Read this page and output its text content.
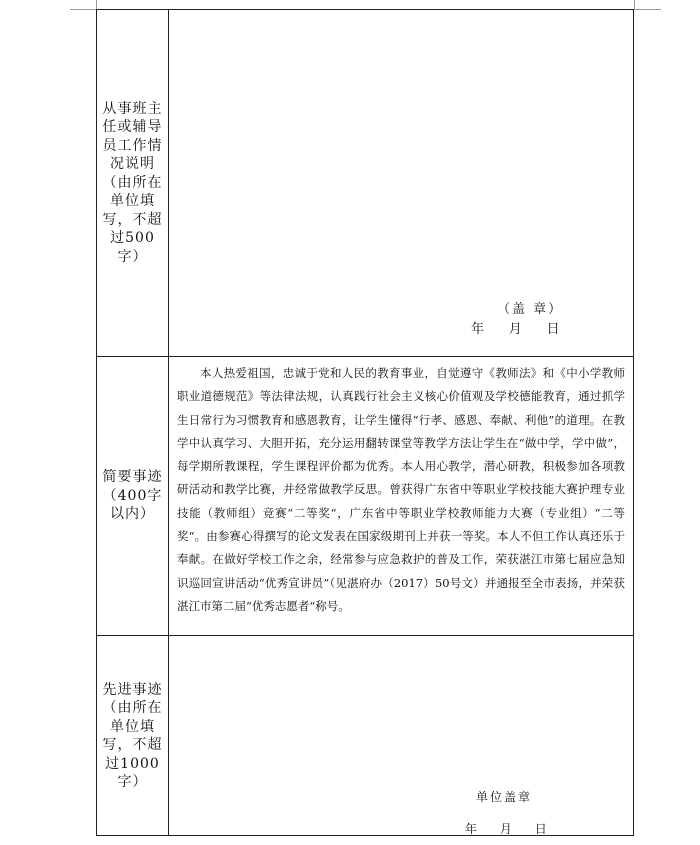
从事班主任或辅导员工作情况说明（由所在单位填写，不超过500字）
（盖 章）
年      月      日
简要事迹（400字以内）

本人热爱祖国，忠诚于党和人民的教育事业，自觉遵守《教师法》和《中小学教师职业道德规范》等法律法规，认真践行社会主义核心价值观及学校德能教育，通过抓学生日常行为习惯教育和感恩教育，让学生懂得“行孝、感恩、奉献、利他”的道理。在教学中认真学习、大胆开拓，充分运用翻转课堂等教学方法让学生在“做中学，学中做”，每学期所教课程，学生课程评价都为优秀。本人用心教学，潜心研教，积极参加各项教研活动和教学比赛，并经常做教学反思。曾获得广东省中等职业学校技能大赛护理专业技能（教师组）竞赛“二等奖“，广东省中等职业学校教师能力大赛（专业组）“二等奖“。由参赛心得撰写的论文发表在国家级期刊上并获一等奖。本人不但工作认真还乐于奉献。在做好学校工作之余，经常参与应急救护的普及工作，荣获湛江市第七届应急知识巡回宣讲活动“优秀宣讲员”（见湛府办（2017）50号文）并通报至全市表扬，并荣获湛江市第二届“优秀志愿者“称号。

先进事迹（由所在单位填写，不超过1000字）
单位盖章
年      月      日
